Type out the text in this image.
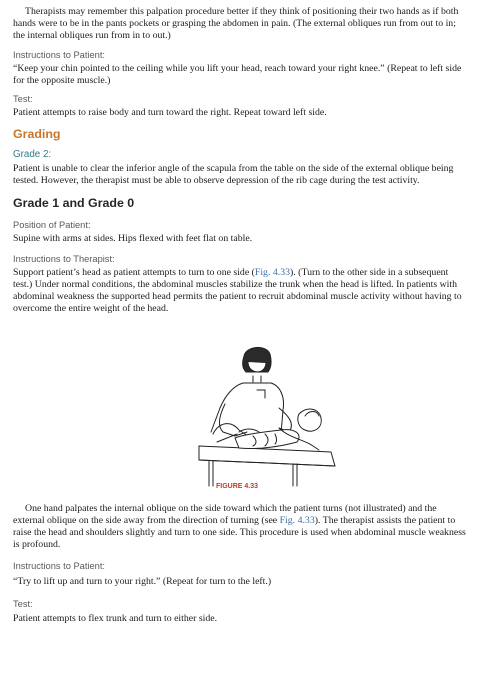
Therapists may remember this palpation procedure better if they think of positioning their two hands as if both hands were to be in the pants pockets or grasping the abdomen in pain. (The external obliques run from out to in; the internal obliques run from in to out.)

Instructions to Patient:

“Keep your chin pointed to the ceiling while you lift your head, reach toward your right knee.” (Repeat to left side for the opposite muscle.)

Test:

Patient attempts to raise body and turn toward the right. Repeat toward left side.

Grading

Grade 2:

Patient is unable to clear the inferior angle of the scapula from the table on the side of the external oblique being tested. However, the therapist must be able to observe depression of the rib cage during the test activity.

Grade 1 and Grade 0

Position of Patient:

Supine with arms at sides. Hips flexed with feet flat on table.

Instructions to Therapist:

Support patient’s head as patient attempts to turn to one side (Fig. 4.33). (Turn to the other side in a subsequent test.) Under normal conditions, the abdominal muscles stabilize the trunk when the head is lifted. In patients with abdominal weakness the supported head permits the patient to recruit abdominal muscle activity without having to overcome the entire weight of the head.

FIGURE 4.33

One hand palpates the internal oblique on the side toward which the patient turns (not illustrated) and the external oblique on the side away from the direction of turning (see Fig. 4.33). The therapist assists the patient to raise the head and shoulders slightly and turn to one side. This procedure is used when abdominal muscle weakness is profound.

Instructions to Patient:

“Try to lift up and turn to your right.” (Repeat for turn to the left.)

Test:

Patient attempts to flex trunk and turn to either side.
